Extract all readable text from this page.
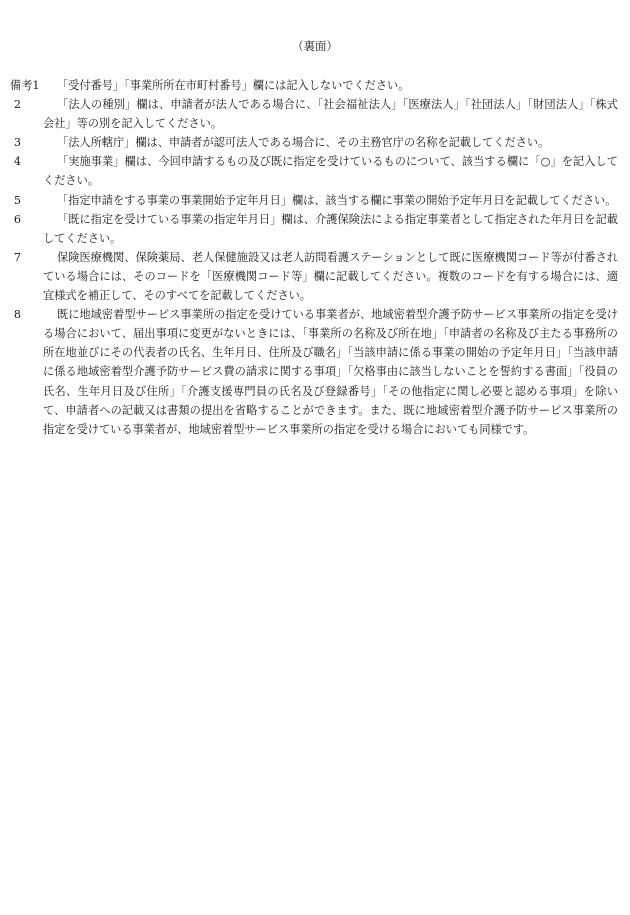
（裏面）
備考1	「受付番号」「事業所所在市町村番号」欄には記入しないでください。
2	「法人の種別」欄は、申請者が法人である場合に、「社会福祉法人」「医療法人」「社団法人」「財団法人」「株式会社」等の別を記入してください。
3	「法人所轄庁」欄は、申請者が認可法人である場合に、その主務官庁の名称を記載してください。
4	「実施事業」欄は、今回申請するもの及び既に指定を受けているものについて、該当する欄に「○」を記入してください。
5	「指定申請をする事業の事業開始予定年月日」欄は、該当する欄に事業の開始予定年月日を記載してください。
6	「既に指定を受けている事業の指定年月日」欄は、介護保険法による指定事業者として指定された年月日を記載してください。
7	保険医療機関、保険薬局、老人保健施設又は老人訪問看護ステーションとして既に医療機関コード等が付番されている場合には、そのコードを「医療機関コード等」欄に記載してください。複数のコードを有する場合には、適宜様式を補正して、そのすべてを記載してください。
8	既に地域密着型サービス事業所の指定を受けている事業者が、地域密着型介護予防サービス事業所の指定を受ける場合において、届出事項に変更がないときには、「事業所の名称及び所在地」「申請者の名称及び主たる事務所の所在地並びにその代表者の氏名、生年月日、住所及び職名」「当該申請に係る事業の開始の予定年月日」「当該申請に係る地域密着型介護予防サービス費の請求に関する事項」「欠格事由に該当しないことを誓約する書面」「役員の氏名、生年月日及び住所」「介護支援専門員の氏名及び登録番号」「その他指定に関し必要と認める事項」を除いて、申請者への記載又は書類の提出を省略することができます。また、既に地域密着型介護予防サービス事業所の指定を受けている事業者が、地域密着型サービス事業所の指定を受ける場合においても同様です。
